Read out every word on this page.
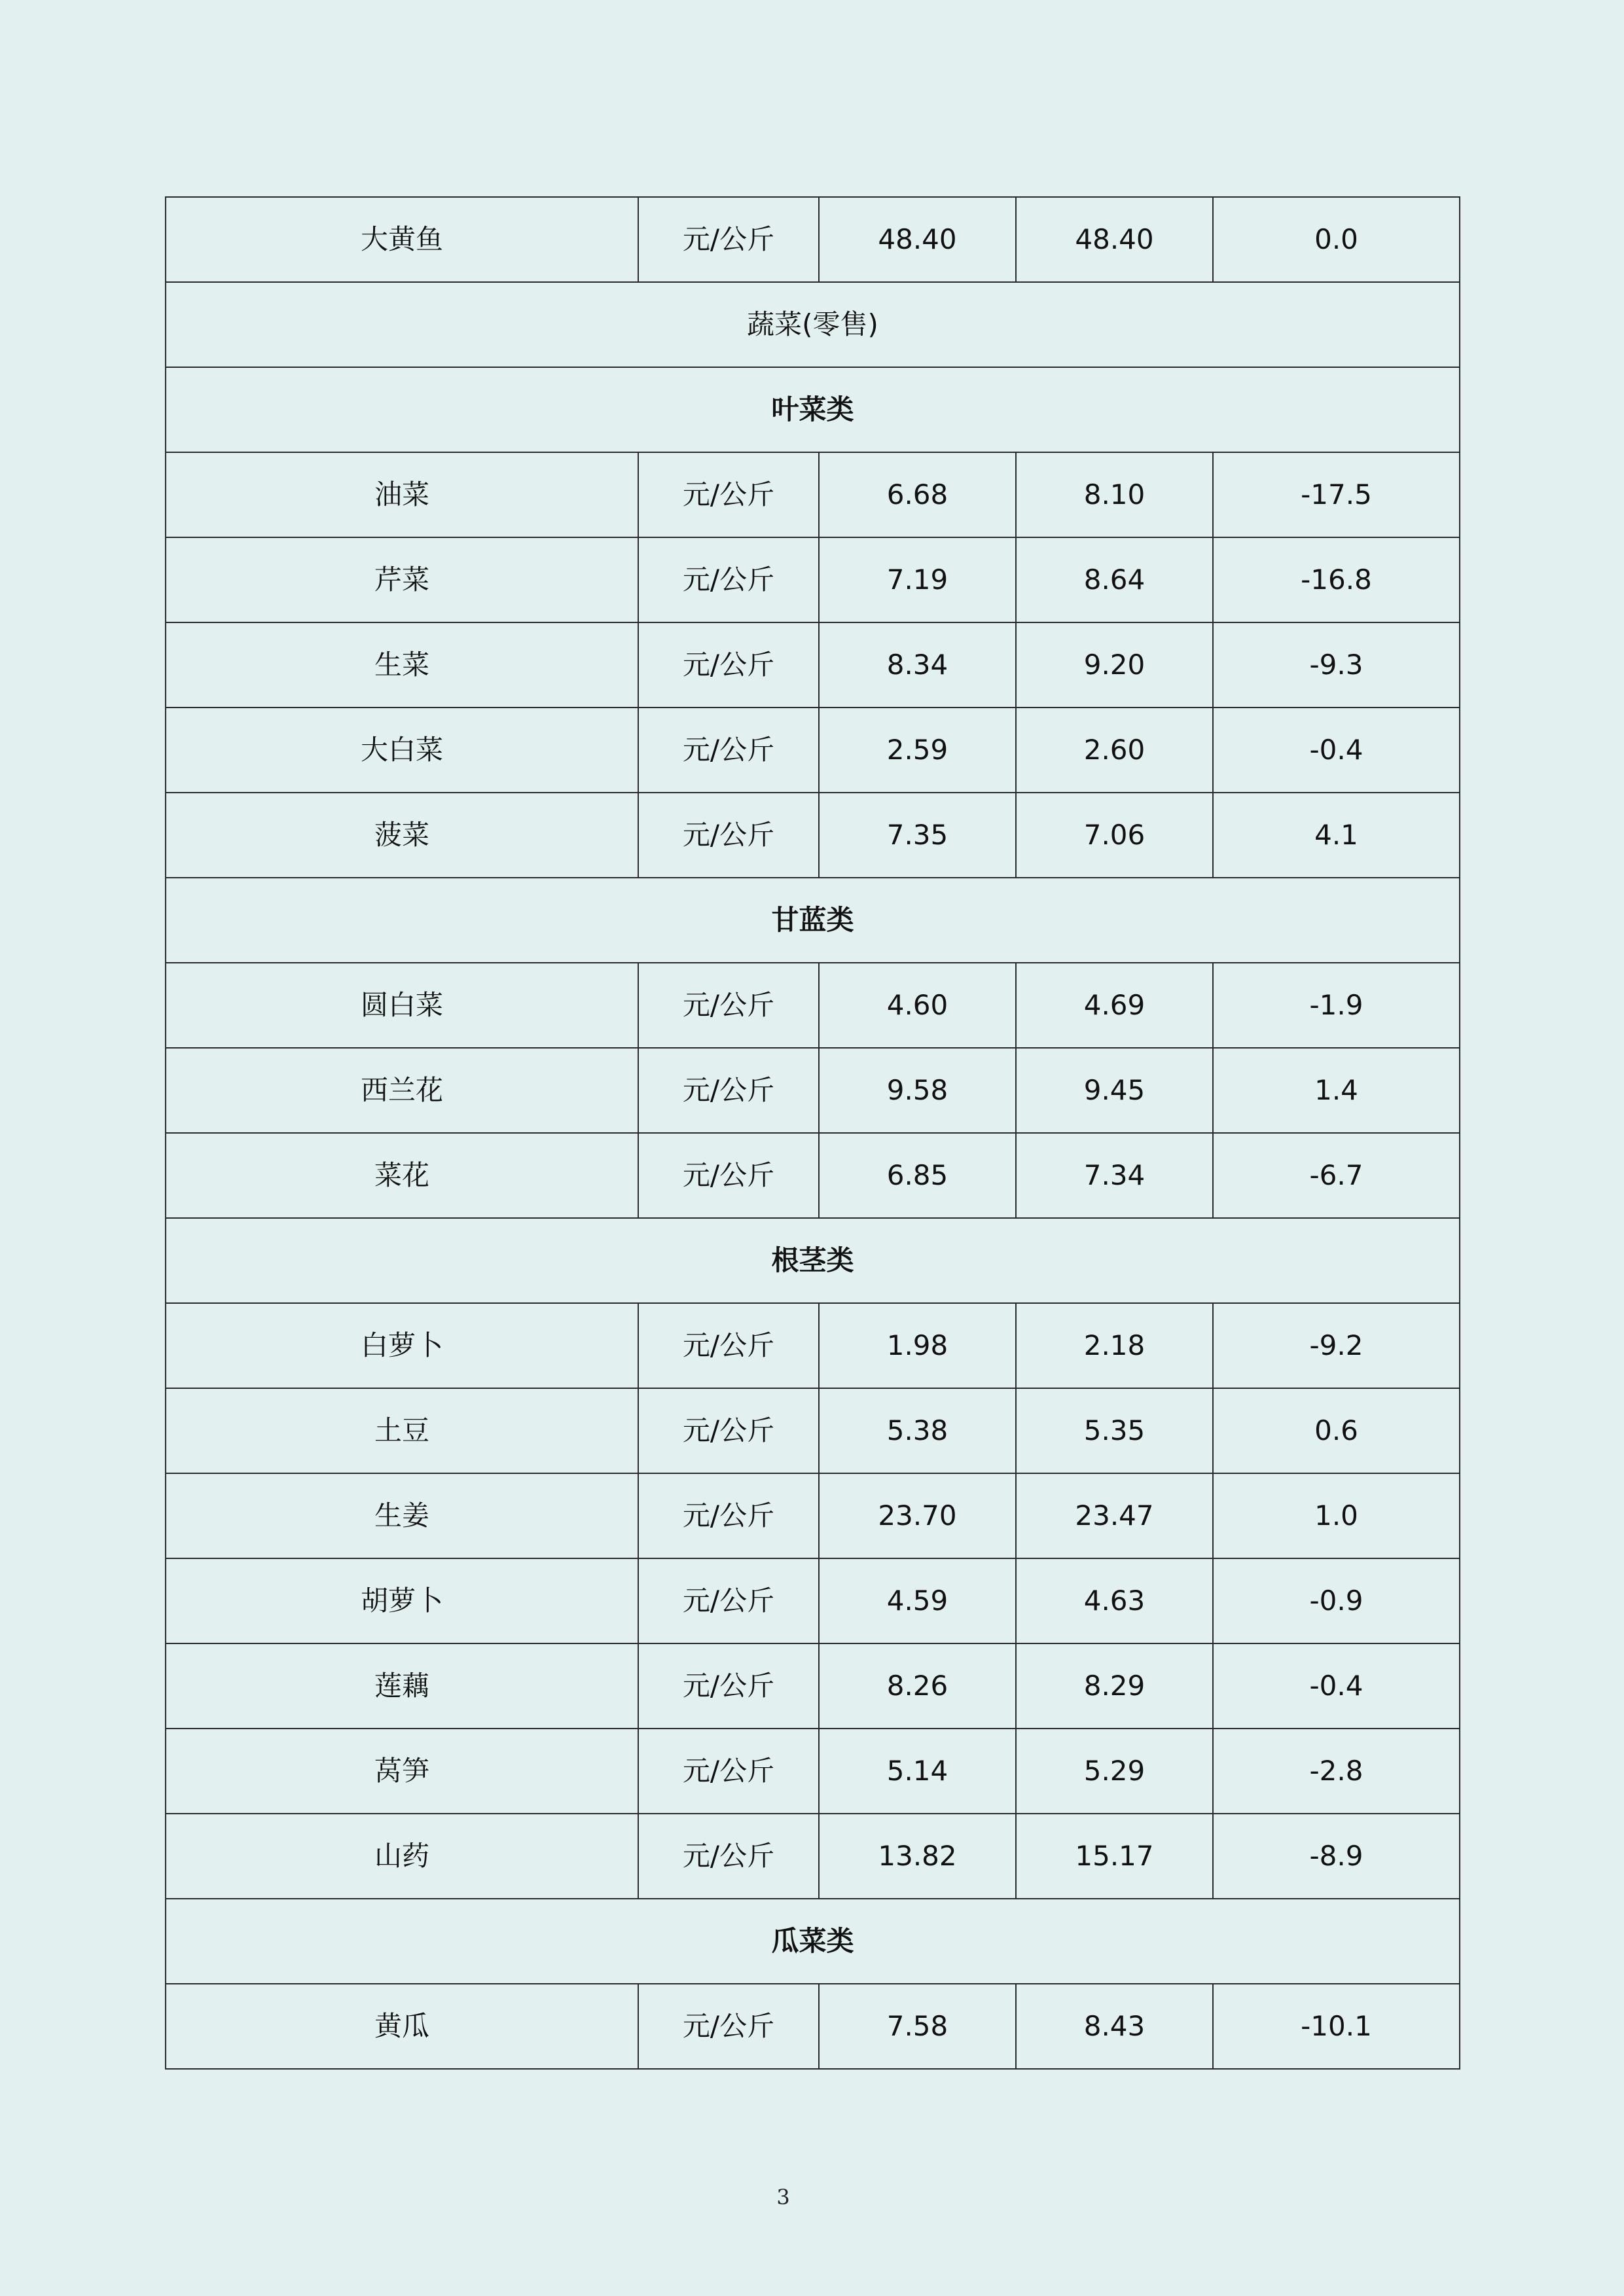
大黄鱼	元/公斤	48.40	48.40	0.0
蔬菜(零售)				
叶菜类				
油菜	元/公斤	6.68	8.10	-17.5
芹菜	元/公斤	7.19	8.64	-16.8
生菜	元/公斤	8.34	9.20	-9.3
大白菜	元/公斤	2.59	2.60	-0.4
菠菜	元/公斤	7.35	7.06	4.1
甘蓝类				
圆白菜	元/公斤	4.60	4.69	-1.9
西兰花	元/公斤	9.58	9.45	1.4
菜花	元/公斤	6.85	7.34	-6.7
根茎类				
白萝卜	元/公斤	1.98	2.18	-9.2
土豆	元/公斤	5.38	5.35	0.6
生姜	元/公斤	23.70	23.47	1.0
胡萝卜	元/公斤	4.59	4.63	-0.9
莲藕	元/公斤	8.26	8.29	-0.4
莴笋	元/公斤	5.14	5.29	-2.8
山药	元/公斤	13.82	15.17	-8.9
瓜菜类				
黄瓜	元/公斤	7.58	8.43	-10.1
3
